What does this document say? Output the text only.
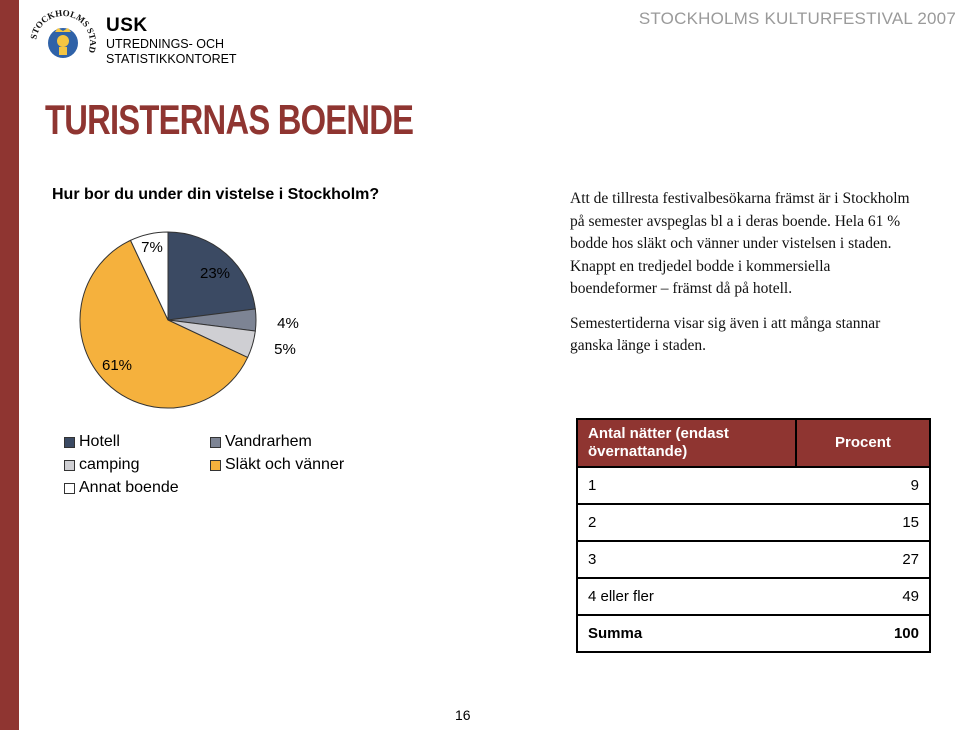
STOCKHOLMS STAD
USK
UTREDNINGS- OCH
STATISTIKKONTORET
STOCKHOLMS KULTURFESTIVAL 2007
TURISTERNAS BOENDE
Hur bor du under din vistelse i Stockholm?	Att de tillresta festivalbesökarna främst är i Stockholm på semester avspeglas bl a i deras boende. Hela 61 % bodde hos släkt och vänner under vistelsen i staden. Knappt en tredjedel bodde i kommersiella boendeformer – främst då på hotell.

Semestertiderna visar sig även i att många stannar ganska länge i staden.

23%
4%
5%
61%
7%
Hotell	Vandrarhem
camping	Släkt och vänner
Annat boende
Antal nätter (endast övernattande)	Procent
1	9
2	15
3	27
4 eller fler	49
Summa	100
16
